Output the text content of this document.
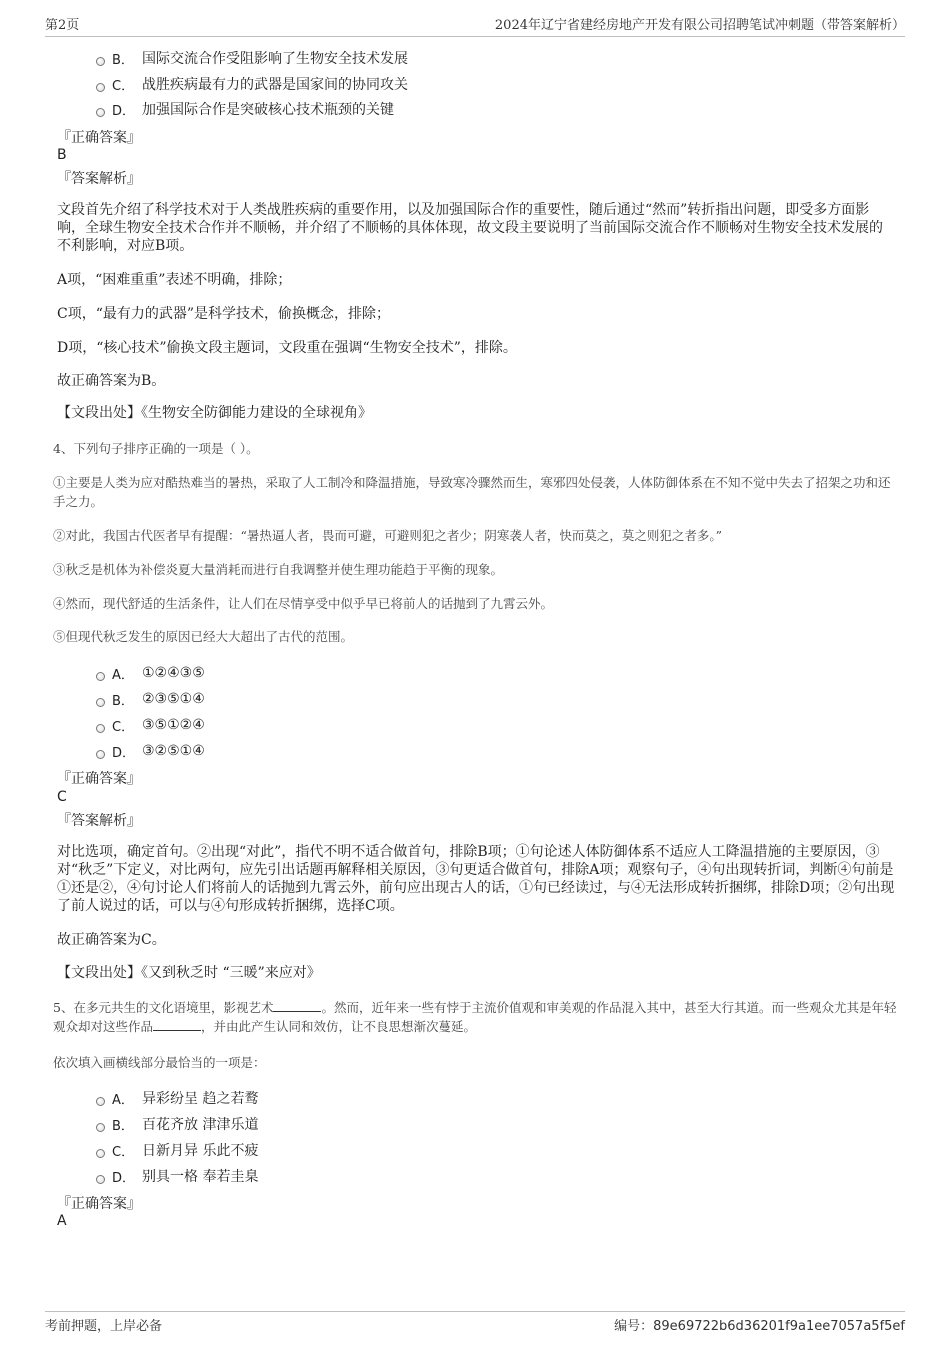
第2页	2024年辽宁省建经房地产开发有限公司招聘笔试冲刺题（带答案解析）
B． 国际交流合作受阻影响了生物安全技术发展
C． 战胜疾病最有力的武器是国家间的协同攻关
D． 加强国际合作是突破核心技术瓶颈的关键
『正确答案』
B
『答案解析』

文段首先介绍了科学技术对于人类战胜疾病的重要作用，以及加强国际合作的重要性，随后通过“然而”转折指出问题，即受多方面影响，全球生物安全技术合作并不顺畅，并介绍了不顺畅的具体体现，故文段主要说明了当前国际交流合作不顺畅对生物安全技术发展的不利影响，对应B项。

A项，“困难重重”表述不明确，排除；

C项，“最有力的武器”是科学技术，偷换概念，排除；

D项，“核心技术”偷换文段主题词，文段重在强调“生物安全技术”，排除。

故正确答案为B。

【文段出处】《生物安全防御能力建设的全球视角》

4、下列句子排序正确的一项是（ ）。

①主要是人类为应对酷热难当的暑热，采取了人工制冷和降温措施，导致寒冷骤然而生，寒邪四处侵袭，人体防御体系在不知不觉中失去了招架之功和还手之力。

②对此，我国古代医者早有提醒：“暑热逼人者，畏而可避，可避则犯之者少；阴寒袭人者，快而莫之，莫之则犯之者多。”

③秋乏是机体为补偿炎夏大量消耗而进行自我调整并使生理功能趋于平衡的现象。

④然而，现代舒适的生活条件，让人们在尽情享受中似乎早已将前人的话抛到了九霄云外。

⑤但现代秋乏发生的原因已经大大超出了古代的范围。

A． ①②④③⑤
B． ②③⑤①④
C． ③⑤①②④
D． ③②⑤①④
『正确答案』
C
『答案解析』

对比选项，确定首句。②出现“对此”，指代不明不适合做首句，排除B项；①句论述人体防御体系不适应人工降温措施的主要原因，③对“秋乏”下定义，对比两句，应先引出话题再解释相关原因，③句更适合做首句，排除A项；观察句子，④句出现转折词，判断④句前是①还是②，④句讨论人们将前人的话抛到九霄云外，前句应出现古人的话，①句已经读过，与④无法形成转折捆绑，排除D项；②句出现了前人说过的话，可以与④句形成转折捆绑，选择C项。

故正确答案为C。

【文段出处】《又到秋乏时 “三暖”来应对》

5、在多元共生的文化语境里，影视艺术	。然而，近年来一些有悖于主流价值观和审美观的作品混入其中，甚至大行其道。而一些观众尤其是年轻观众却对这些作品	，并由此产生认同和效仿，让不良思想渐次蔓延。

依次填入画横线部分最恰当的一项是：

A． 异彩纷呈 趋之若鹜
B． 百花齐放 津津乐道
C． 日新月异 乐此不疲
D． 别具一格 奉若圭臬
『正确答案』
A
考前押题，上岸必备	编号：89e69722b6d36201f9a1ee7057a5f5ef
